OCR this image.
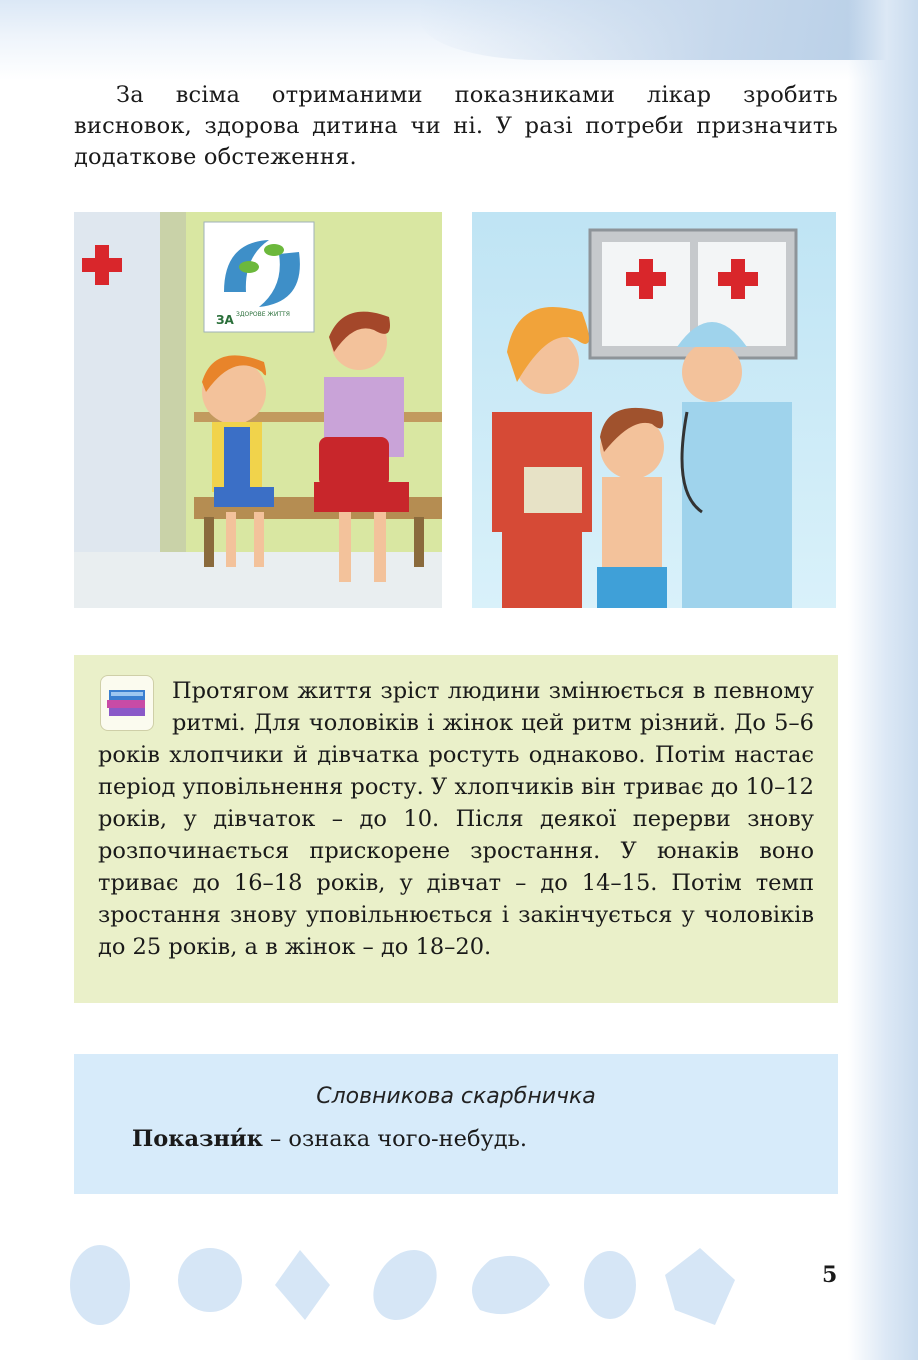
За всіма отриманими показниками лікар зробить висновок, здорова дитина чи ні. У разі потреби призначить додаткове обстеження.

ЗА ЗДОРОВЕ ЖИТТЯ

Протягом життя зріст людини змінюється в певному ритмі. Для чоловіків і жінок цей ритм різний. До 5–6 років хлопчики й дівчатка ростуть однаково. Потім настає період уповільнення росту. У хлопчиків він триває до 10–12 років, у дівчаток – до 10. Після деякої перерви знову розпочинається прискорене зростання. У юнаків воно триває до 16–18 років, у дівчат – до 14–15. Потім темп зростання знову уповільнюється і закінчується у чоловіків до 25 років, а в жінок – до 18–20.

Словникова скарбничка
Показни́к – ознака чого-небудь.
5
